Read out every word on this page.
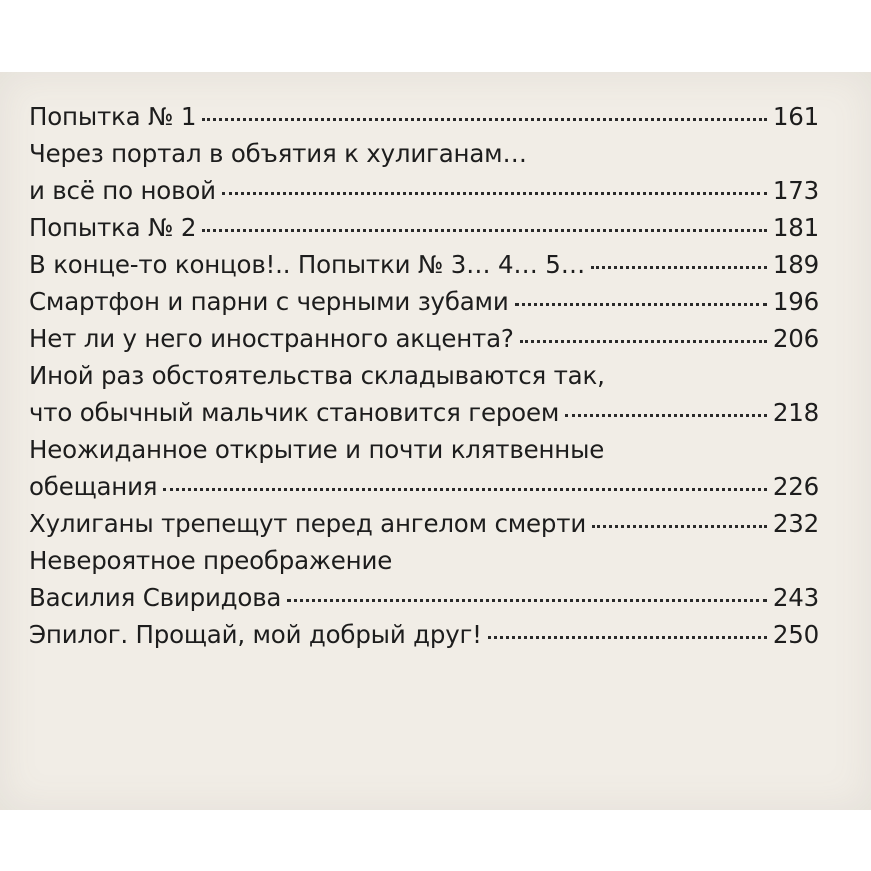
Попытка № 1	161
Через портал в объятия к хулиганам…
и всё по новой	173
Попытка № 2	181
В конце-то концов!.. Попытки № 3… 4… 5…	189
Смартфон и парни с черными зубами	196
Нет ли у него иностранного акцента?	206
Иной раз обстоятельства складываются так,
что обычный мальчик становится героем	218
Неожиданное открытие и почти клятвенные
обещания	226
Хулиганы трепещут перед ангелом смерти	232
Невероятное преображение
Василия Свиридова	243
Эпилог. Прощай, мой добрый друг!	250
